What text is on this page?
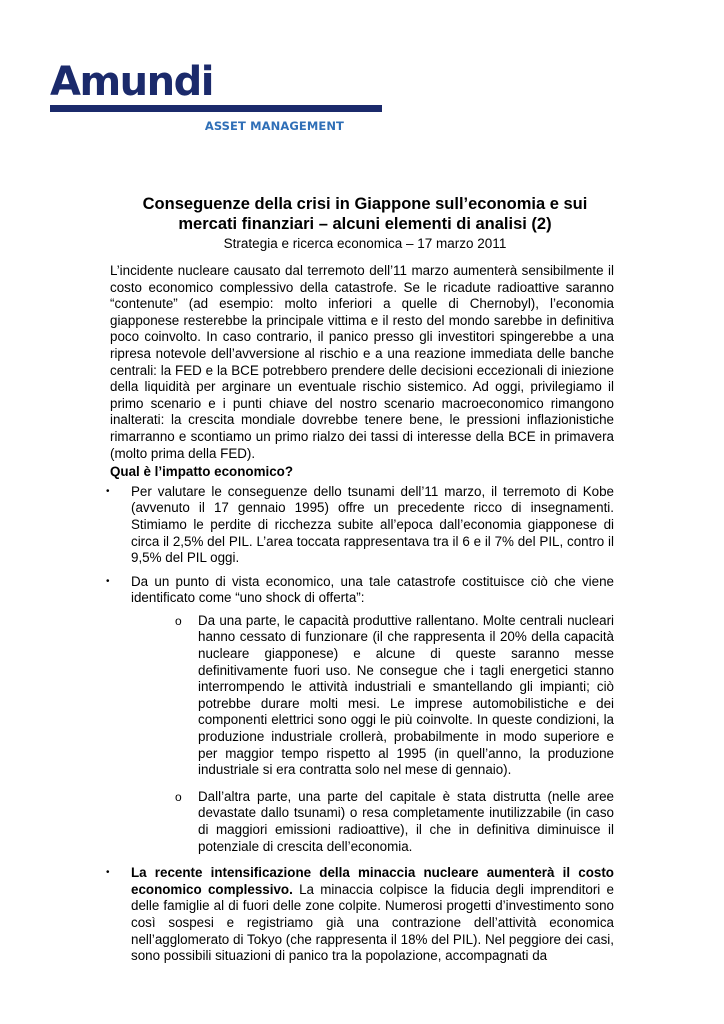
Amundi
ASSET MANAGEMENT
Conseguenze della crisi in Giappone sull’economia e sui
mercati finanziari – alcuni elementi di analisi (2)
Strategia e ricerca economica – 17 marzo 2011

L’incidente nucleare causato dal terremoto dell’11 marzo aumenterà sensibilmente il costo economico complessivo della catastrofe. Se le ricadute radioattive saranno “contenute” (ad esempio: molto inferiori a quelle di Chernobyl), l’economia giapponese resterebbe la principale vittima e il resto del mondo sarebbe in definitiva poco coinvolto. In caso contrario, il panico presso gli investitori spingerebbe a una ripresa notevole dell’avversione al rischio e a una reazione immediata delle banche centrali: la FED e la BCE potrebbero prendere delle decisioni eccezionali di iniezione della liquidità per arginare un eventuale rischio sistemico. Ad oggi, privilegiamo il primo scenario e i punti chiave del nostro scenario macroeconomico rimangono inalterati: la crescita mondiale dovrebbe tenere bene, le pressioni inflazionistiche rimarranno e scontiamo un primo rialzo dei tassi di interesse della BCE in primavera (molto prima della FED).

Qual è l’impatto economico?

• Per valutare le conseguenze dello tsunami dell’11 marzo, il terremoto di Kobe (avvenuto il 17 gennaio 1995) offre un precedente ricco di insegnamenti. Stimiamo le perdite di ricchezza subite all’epoca dall’economia giapponese di circa il 2,5% del PIL. L’area toccata rappresentava tra il 6 e il 7% del PIL, contro il 9,5% del PIL oggi.
• Da un punto di vista economico, una tale catastrofe costituisce ciò che viene identificato come “uno shock di offerta”:
o Da una parte, le capacità produttive rallentano. Molte centrali nucleari hanno cessato di funzionare (il che rappresenta il 20% della capacità nucleare giapponese) e alcune di queste saranno messe definitivamente fuori uso. Ne consegue che i tagli energetici stanno interrompendo le attività industriali e smantellando gli impianti; ciò potrebbe durare molti mesi. Le imprese automobilistiche e dei componenti elettrici sono oggi le più coinvolte. In queste condizioni, la produzione industriale crollerà, probabilmente in modo superiore e per maggior tempo rispetto al 1995 (in quell’anno, la produzione industriale si era contratta solo nel mese di gennaio).
o Dall’altra parte, una parte del capitale è stata distrutta (nelle aree devastate dallo tsunami) o resa completamente inutilizzabile (in caso di maggiori emissioni radioattive), il che in definitiva diminuisce il potenziale di crescita dell’economia.
• La recente intensificazione della minaccia nucleare aumenterà il costo economico complessivo. La minaccia colpisce la fiducia degli imprenditori e delle famiglie al di fuori delle zone colpite. Numerosi progetti d’investimento sono così sospesi e registriamo già una contrazione dell’attività economica nell’agglomerato di Tokyo (che rappresenta il 18% del PIL). Nel peggiore dei casi, sono possibili situazioni di panico tra la popolazione, accompagnati da
